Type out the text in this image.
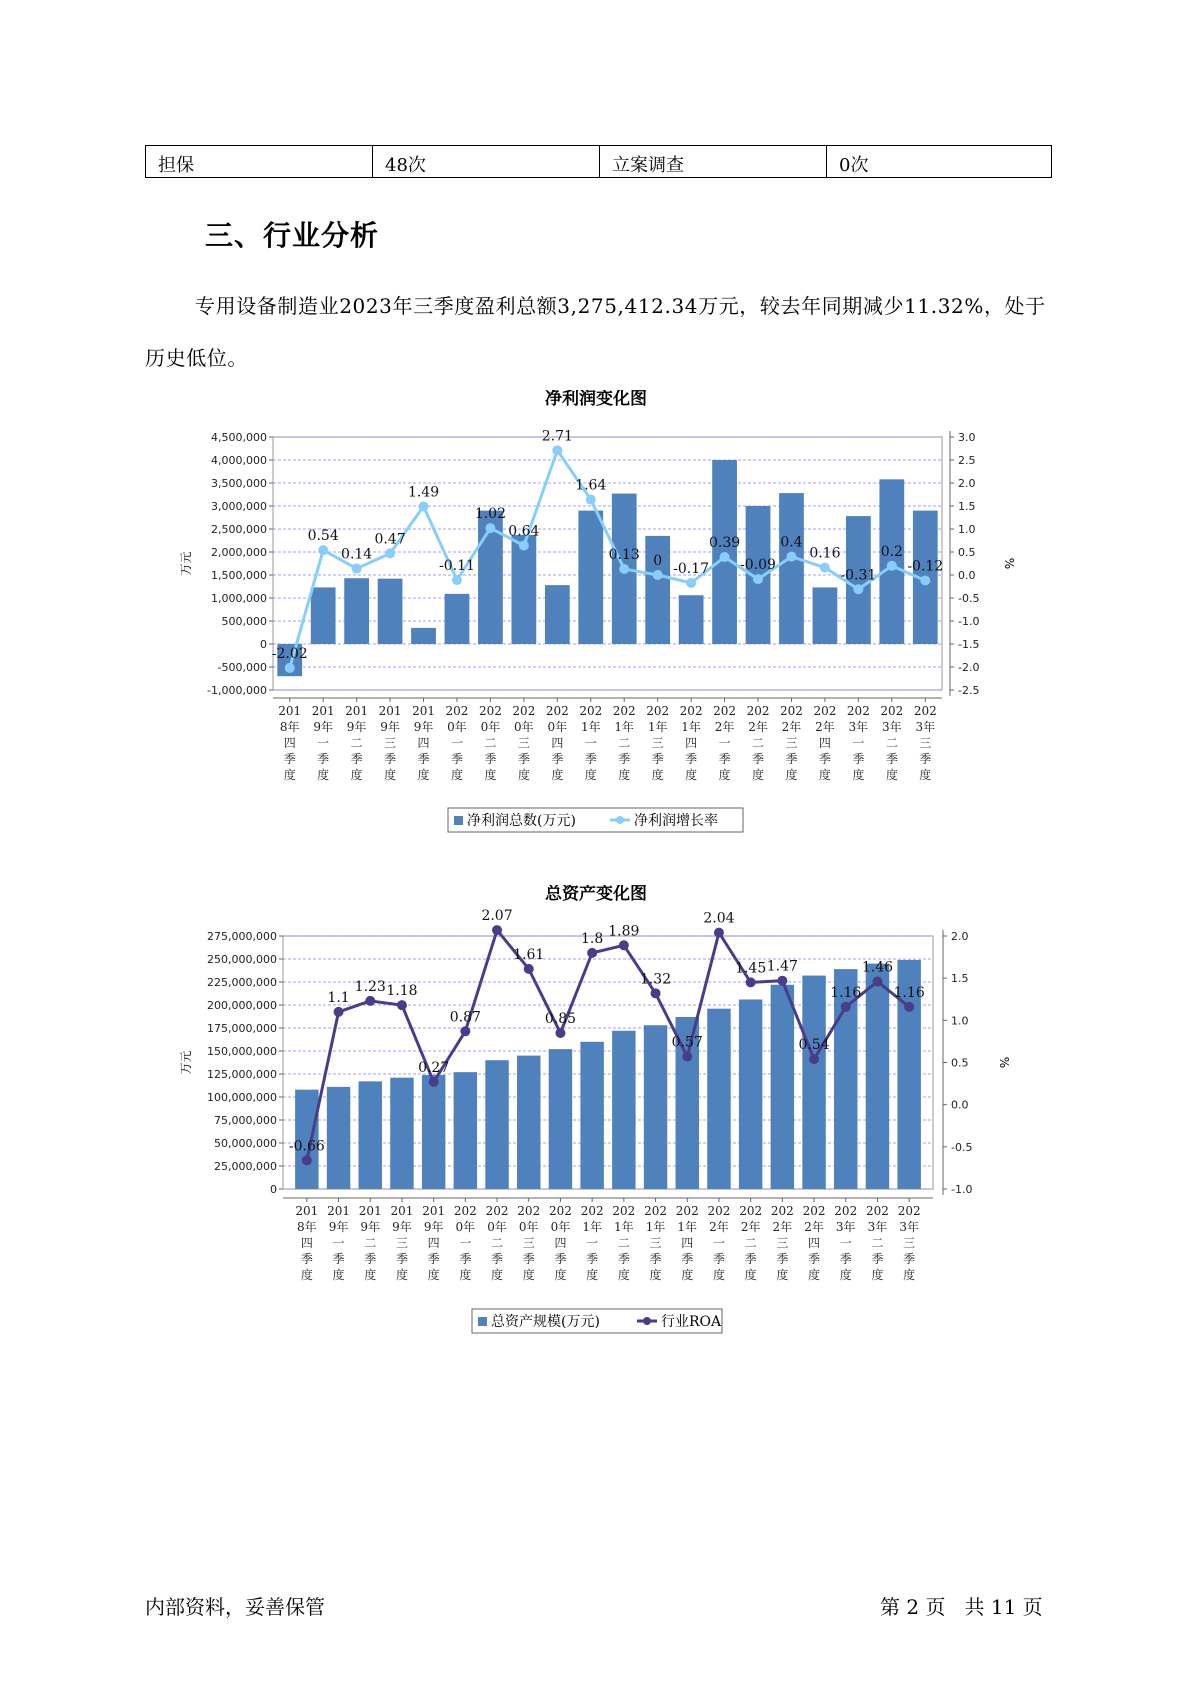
担保	48次	立案调查	0次
三、行业分析

专用设备制造业2023年三季度盈利总额3,275,412.34万元，较去年同期减少11.32%，处于历史低位。

净利润变化图
-1,000,000
-500,000
0
500,000
1,000,000
1,500,000
2,000,000
2,500,000
3,000,000
3,500,000
4,000,000
4,500,000
万元
-2.5
-2.0
-1.5
-1.0
-0.5
0.0
0.5
1.0
1.5
2.0
2.5
3.0
%
-2.02
0.54
0.14
0.47
1.49
-0.11
1.02
0.64
2.71
1.64
0.13 0 -0.17
0.39
-0.09
0.4
0.16
-0.31
0.2
-0.12
201
8年
四
季
度
201
9年
一
季
度
201
9年
二
季
度
201
9年
三
季
度
201
9年
四
季
度
202
0年
一
季
度
202
0年
二
季
度
202
0年
三
季
度
202
0年
四
季
度
202
1年
一
季
度
202
1年
二
季
度
202
1年
三
季
度
202
1年
四
季
度
202
2年
一
季
度
202
2年
二
季
度
202
2年
三
季
度
202
2年
四
季
度
202
3年
一
季
度
202
3年
二
季
度
202
3年
三
季
度
净利润总数(万元)	净利润增长率
总资产变化图
0
25,000,000
50,000,000
75,000,000
100,000,000
125,000,000
150,000,000
175,000,000
200,000,000
225,000,000
250,000,000
275,000,000
万元
-1.0
-0.5
0.0
0.5
1.0
1.5
2.0
%
-0.66
1.1
1.23 1.18
0.27
0.87
2.07
1.61
0.85
1.8 1.89
1.32
0.57
2.04
1.45 1.47
0.54
1.16
1.46
1.16
201
8年
四
季
度
201
9年
一
季
度
201
9年
二
季
度
201
9年
三
季
度
201
9年
四
季
度
202
0年
一
季
度
202
0年
二
季
度
202
0年
三
季
度
202
0年
四
季
度
202
1年
一
季
度
202
1年
二
季
度
202
1年
三
季
度
202
1年
四
季
度
202
2年
一
季
度
202
2年
二
季
度
202
2年
三
季
度
202
2年
四
季
度
202
3年
一
季
度
202
3年
二
季
度
202
3年
三
季
度
总资产规模(万元)	行业ROA
内部资料，妥善保管	第 2 页   共 11 页
